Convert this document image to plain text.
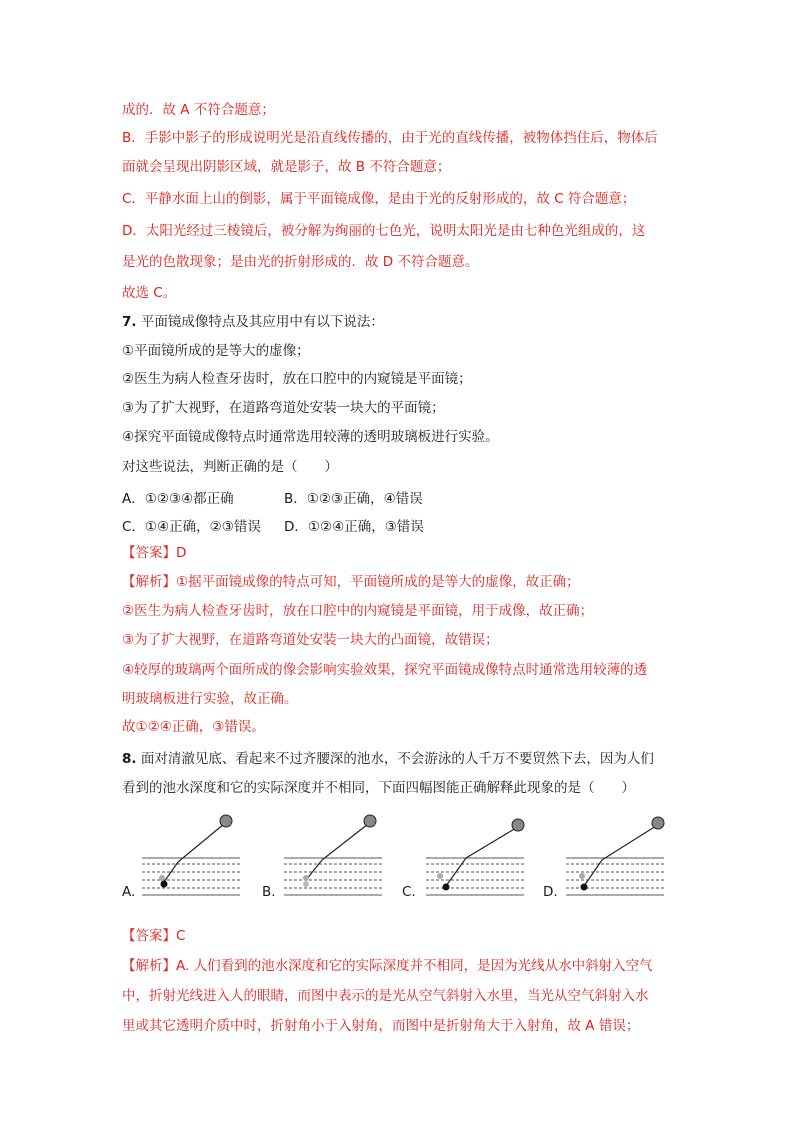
成的．故 A 不符合题意；
B．手影中影子的形成说明光是沿直线传播的，由于光的直线传播，被物体挡住后，物体后
面就会呈现出阴影区域，就是影子，故 B 不符合题意；
C．平静水面上山的倒影，属于平面镜成像，是由于光的反射形成的，故 C 符合题意；
D．太阳光经过三棱镜后，被分解为绚丽的七色光，说明太阳光是由七种色光组成的，这
是光的色散现象；是由光的折射形成的．故 D 不符合题意。
故选 C。
7. 平面镜成像特点及其应用中有以下说法：
①平面镜所成的是等大的虚像；
②医生为病人检查牙齿时，放在口腔中的内窥镜是平面镜；
③为了扩大视野，在道路弯道处安装一块大的平面镜；
④探究平面镜成像特点时通常选用较薄的透明玻璃板进行实验。
对这些说法，判断正确的是（　　）
A．①②③④都正确	B．①②③正确，④错误
C．①④正确，②③错误 D．①②④正确，③错误
【答案】D
【解析】①据平面镜成像的特点可知，平面镜所成的是等大的虚像，故正确；
②医生为病人检查牙齿时，放在口腔中的内窥镜是平面镜，用于成像，故正确；
③为了扩大视野，在道路弯道处安装一块大的凸面镜，故错误；
④较厚的玻璃两个面所成的像会影响实验效果，探究平面镜成像特点时通常选用较薄的透
明玻璃板进行实验，故正确。
故①②④正确，③错误。
8. 面对清澈见底、看起来不过齐腰深的池水，不会游泳的人千万不要贸然下去，因为人们
看到的池水深度和它的实际深度并不相同，下面四幅图能正确解释此现象的是（　　）
A.	B.	C.	D.
【答案】C
【解析】A. 人们看到的池水深度和它的实际深度并不相同，是因为光线从水中斜射入空气
中，折射光线进入人的眼睛，而图中表示的是光从空气斜射入水里，当光从空气斜射入水
里或其它透明介质中时，折射角小于入射角，而图中是折射角大于入射角，故 A 错误；
